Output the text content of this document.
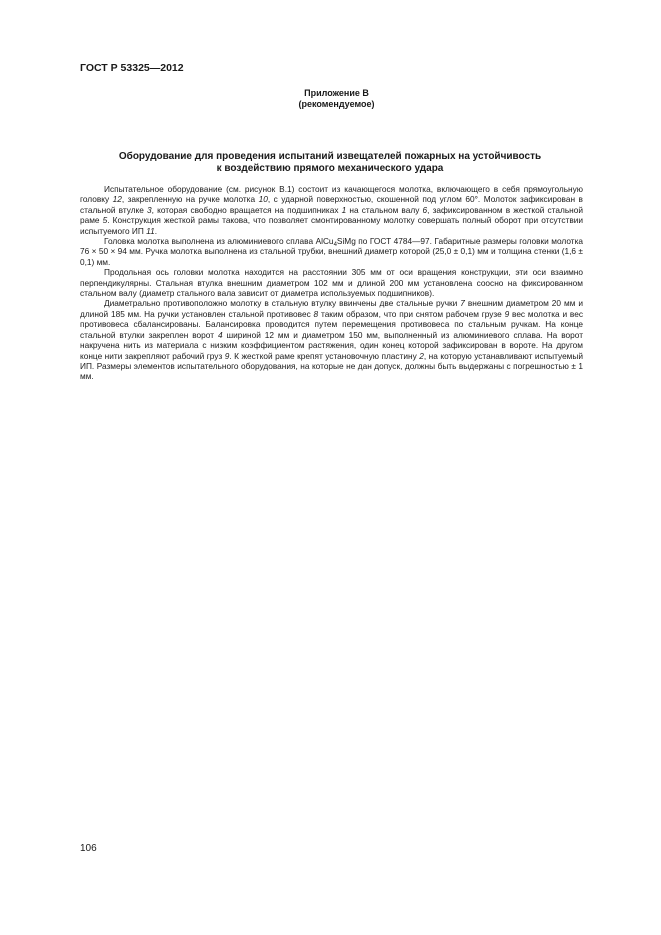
ГОСТ Р 53325—2012
Приложение В
(рекомендуемое)
Оборудование для проведения испытаний извещателей пожарных на устойчивость
к воздействию прямого механического удара

Испытательное оборудование (см. рисунок В.1) состоит из качающегося молотка, включающего в себя прямоугольную головку 12, закрепленную на ручке молотка 10, с ударной поверхностью, скошенной под углом 60°. Молоток зафиксирован в стальной втулке 3, которая свободно вращается на подшипниках 1 на стальном валу 6, зафиксированном в жесткой стальной раме 5. Конструкция жесткой рамы такова, что позволяет смонтированному молотку совершать полный оборот при отсутствии испытуемого ИП 11.

Головка молотка выполнена из алюминиевого сплава AlCu$_4$SiMg по ГОСТ 4784—97. Габаритные размеры головки молотка 76 × 50 × 94 мм. Ручка молотка выполнена из стальной трубки, внешний диаметр которой (25,0 ± 0,1) мм и толщина стенки (1,6 ± 0,1) мм.

Продольная ось головки молотка находится на расстоянии 305 мм от оси вращения конструкции, эти оси взаимно перпендикулярны. Стальная втулка внешним диаметром 102 мм и длиной 200 мм установлена соосно на фиксированном стальном валу (диаметр стального вала зависит от диаметра используемых подшипников).

Диаметрально противоположно молотку в стальную втулку ввинчены две стальные ручки 7 внешним диаметром 20 мм и длиной 185 мм. На ручки установлен стальной противовес 8 таким образом, что при снятом рабочем грузе 9 вес молотка и вес противовеса сбалансированы. Балансировка проводится путем перемещения противовеса по стальным ручкам. На конце стальной втулки закреплен ворот 4 шириной 12 мм и диаметром 150 мм, выполненный из алюминиевого сплава. На ворот накручена нить из материала с низким коэффициентом растяжения, один конец которой зафиксирован в вороте. На другом конце нити закрепляют рабочий груз 9. К жесткой раме крепят установочную пластину 2, на которую устанавливают испытуемый ИП. Размеры элементов испытательного оборудования, на которые не дан допуск, должны быть выдержаны с погрешностью ± 1 мм.

106
